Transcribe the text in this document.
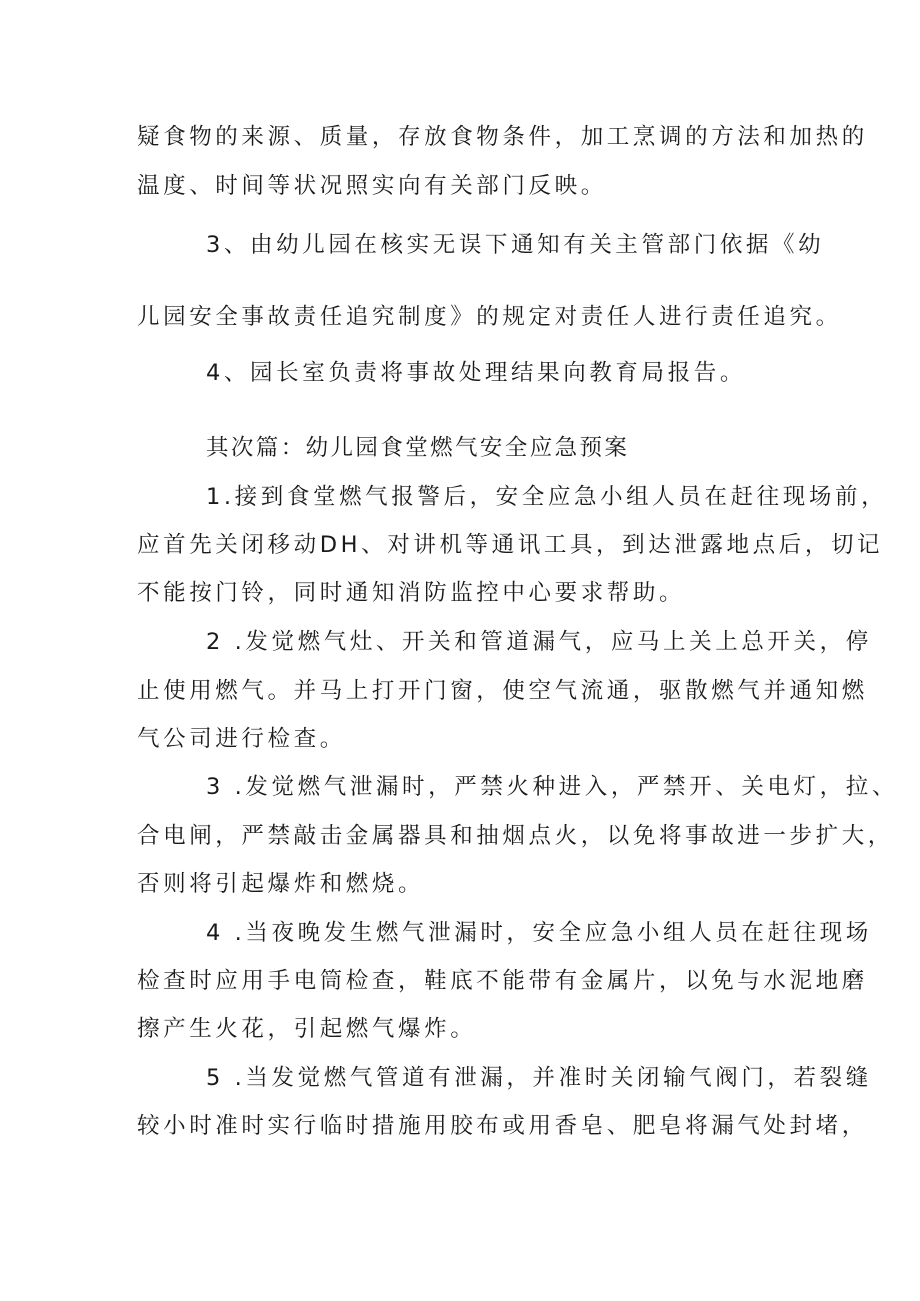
疑食物的来源、质量，存放食物条件，加工烹调的方法和加热的
温度、时间等状况照实向有关部门反映。
3、由幼儿园在核实无误下通知有关主管部门依据《幼
儿园安全事故责任追究制度》的规定对责任人进行责任追究。
4、园长室负责将事故处理结果向教育局报告。
其次篇：幼儿园食堂燃气安全应急预案
1.接到食堂燃气报警后，安全应急小组人员在赶往现场前，
应首先关闭移动DH、对讲机等通讯工具，到达泄露地点后，切记
不能按门铃，同时通知消防监控中心要求帮助。
2 .发觉燃气灶、开关和管道漏气，应马上关上总开关，停
止使用燃气。并马上打开门窗，使空气流通，驱散燃气并通知燃
气公司进行检查。
3 .发觉燃气泄漏时，严禁火种进入，严禁开、关电灯，拉、
合电闸，严禁敲击金属器具和抽烟点火，以免将事故进一步扩大，
否则将引起爆炸和燃烧。
4 .当夜晚发生燃气泄漏时，安全应急小组人员在赶往现场
检查时应用手电筒检查，鞋底不能带有金属片，以免与水泥地磨
擦产生火花，引起燃气爆炸。
5 .当发觉燃气管道有泄漏，并准时关闭输气阀门，若裂缝
较小时准时实行临时措施用胶布或用香皂、肥皂将漏气处封堵，
